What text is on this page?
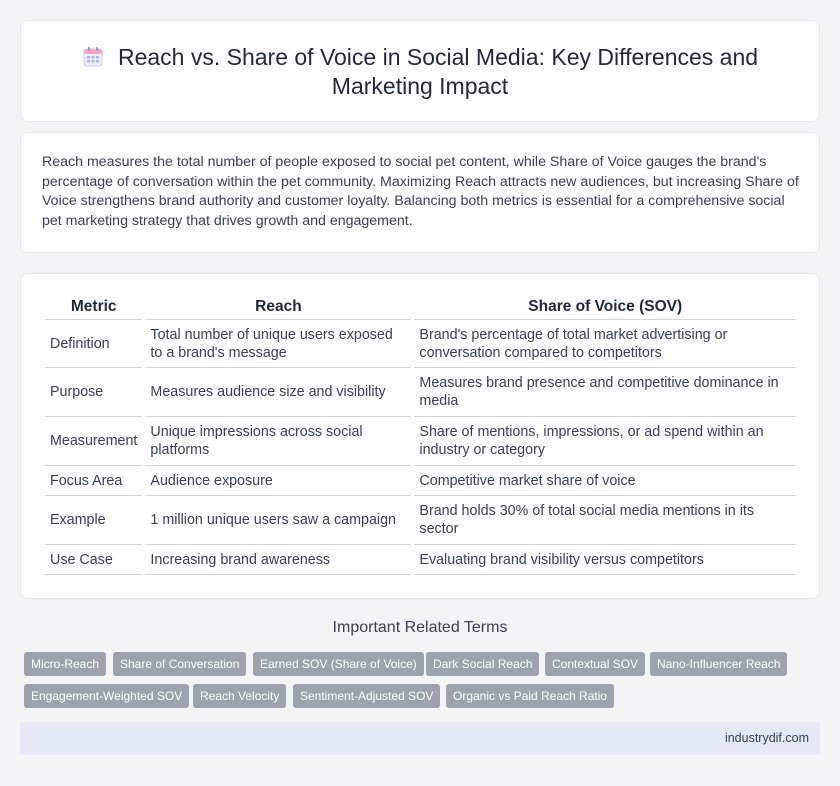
Reach vs. Share of Voice in Social Media: Key Differences and
Marketing Impact

Reach measures the total number of people exposed to social pet content, while Share of Voice gauges the brand's percentage of conversation within the pet community. Maximizing Reach attracts new audiences, but increasing Share of Voice strengthens brand authority and customer loyalty. Balancing both metrics is essential for a comprehensive social pet marketing strategy that drives growth and engagement.

Metric	Reach	Share of Voice (SOV)
Definition	Total number of unique users exposed to a brand's message	Brand's percentage of total market advertising or conversation compared to competitors
Purpose	Measures audience size and visibility	Measures brand presence and competitive dominance in media
Measurement	Unique impressions across social platforms	Share of mentions, impressions, or ad spend within an industry or category
Focus Area	Audience exposure	Competitive market share of voice
Example	1 million unique users saw a campaign	Brand holds 30% of total social media mentions in its sector
Use Case	Increasing brand awareness	Evaluating brand visibility versus competitors
Important Related Terms
Micro-Reach	Share of Conversation	Earned SOV (Share of Voice)	Dark Social Reach	Contextual SOV	Nano-Influencer Reach
Engagement-Weighted SOV	Reach Velocity	Sentiment-Adjusted SOV	Organic vs Paid Reach Ratio
industrydif.com
